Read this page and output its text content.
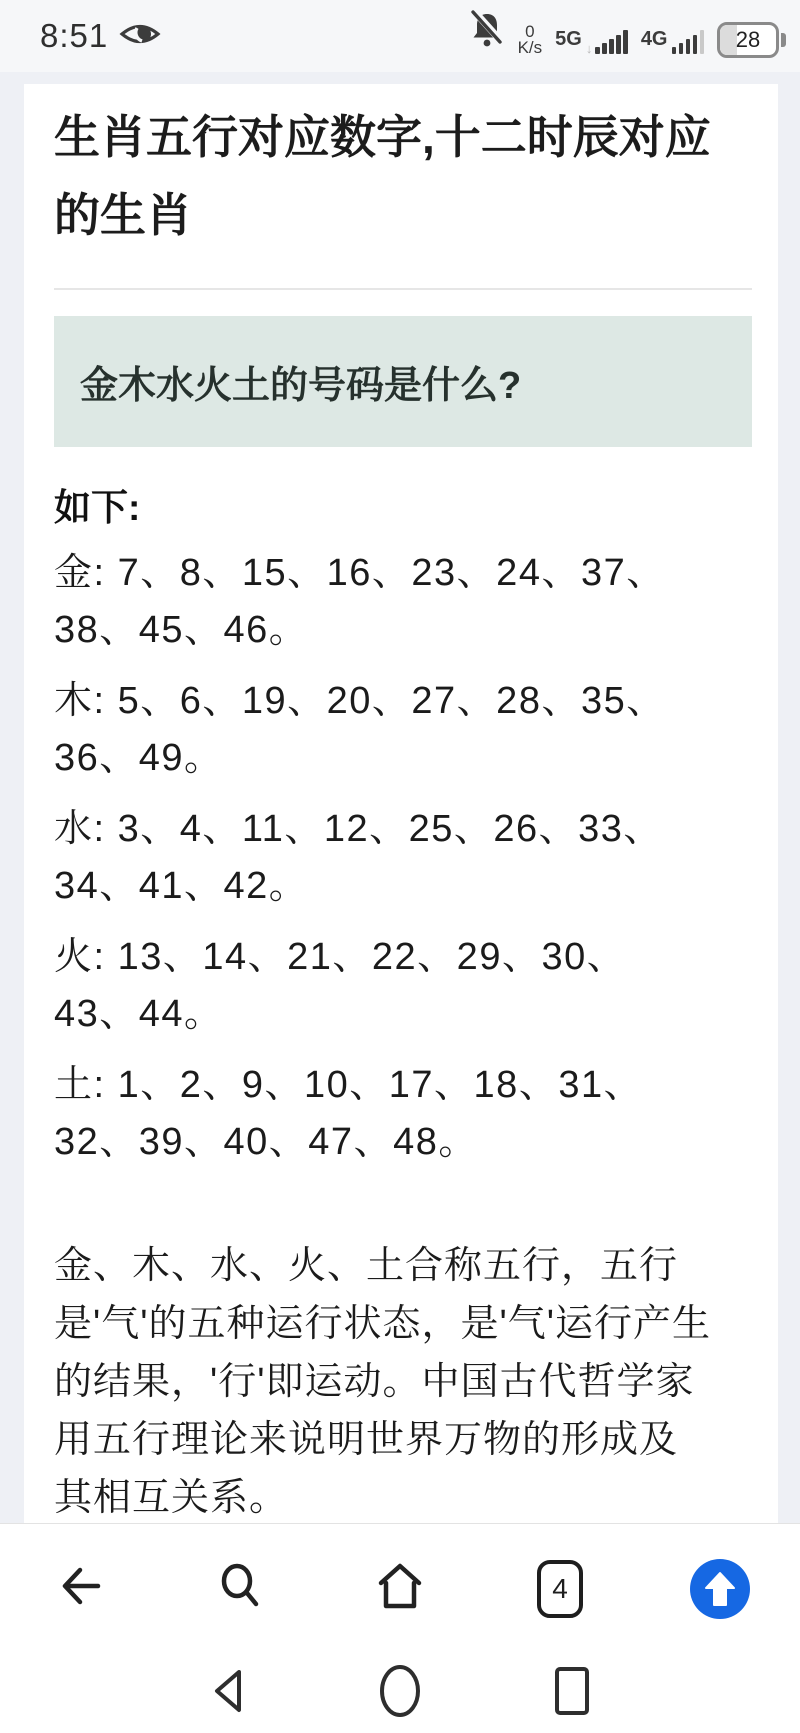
8:51	0
K/s 5G ↓ 4G	28
生肖五行对应数字,十二时辰对应
的生肖
金木水火土的号码是什么?
如下:

金: 7、8、15、16、23、24、37、
38、45、46。

木: 5、6、19、20、27、28、35、
36、49。

水: 3、4、11、12、25、26、33、
34、41、42。

火: 13、14、21、22、29、30、
43、44。

土: 1、2、9、10、17、18、31、
32、39、40、47、48。

金、木、水、火、土合称五行，五行
是'气'的五种运行状态，是'气'运行产生
的结果，'行'即运动。中国古代哲学家
用五行理论来说明世界万物的形成及
其相互关系。

4
